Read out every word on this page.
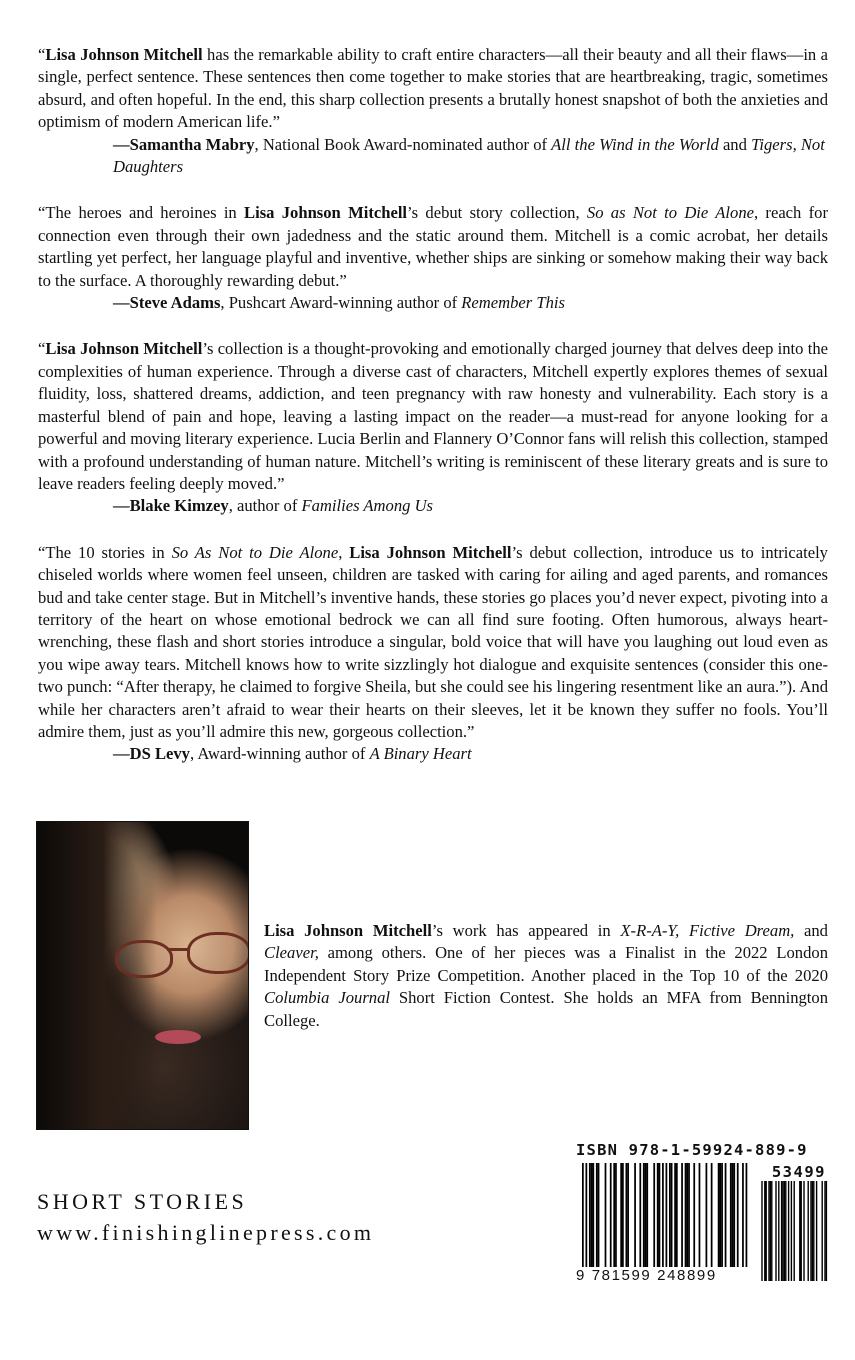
“Lisa Johnson Mitchell has the remarkable ability to craft entire characters—all their beauty and all their flaws—in a single, perfect sentence. These sentences then come together to make stories that are heartbreaking, tragic, sometimes absurd, and often hopeful. In the end, this sharp collection presents a brutally honest snapshot of both the anxieties and optimism of modern American life.”

—Samantha Mabry, National Book Award-nominated author of All the Wind in the World and Tigers, Not Daughters

“The heroes and heroines in Lisa Johnson Mitchell’s debut story collection, So as Not to Die Alone, reach for connection even through their own jadedness and the static around them. Mitchell is a comic acrobat, her details startling yet perfect, her language playful and inventive, whether ships are sinking or somehow making their way back to the surface. A thoroughly rewarding debut.”

—Steve Adams, Pushcart Award-winning author of Remember This

“Lisa Johnson Mitchell’s collection is a thought-provoking and emotionally charged journey that delves deep into the complexities of human experience. Through a diverse cast of characters, Mitchell expertly explores themes of sexual fluidity, loss, shattered dreams, addiction, and teen pregnancy with raw honesty and vulnerability. Each story is a masterful blend of pain and hope, leaving a lasting impact on the reader—a must-read for anyone looking for a powerful and moving literary experience. Lucia Berlin and Flannery O’Connor fans will relish this collection, stamped with a profound understanding of human nature. Mitchell’s writing is reminiscent of these literary greats and is sure to leave readers feeling deeply moved.”

—Blake Kimzey, author of Families Among Us

“The 10 stories in So As Not to Die Alone, Lisa Johnson Mitchell’s debut collection, introduce us to intricately chiseled worlds where women feel unseen, children are tasked with caring for ailing and aged parents, and romances bud and take center stage. But in Mitchell’s inventive hands, these stories go places you’d never expect, pivoting into a territory of the heart on whose emotional bedrock we can all find sure footing. Often humorous, always heart-wrenching, these flash and short stories introduce a singular, bold voice that will have you laughing out loud even as you wipe away tears. Mitchell knows how to write sizzlingly hot dialogue and exquisite sentences (consider this one-two punch: “After therapy, he claimed to forgive Sheila, but she could see his lingering resentment like an aura.”). And while her characters aren’t afraid to wear their hearts on their sleeves, let it be known they suffer no fools. You’ll admire them, just as you’ll admire this new, gorgeous collection.”

—DS Levy, Award-winning author of A Binary Heart

Lisa Johnson Mitchell’s work has appeared in X-R-A-Y, Fictive Dream, and Cleaver, among others. One of her pieces was a Finalist in the 2022 London Independent Story Prize Competition. Another placed in the Top 10 of the 2020 Columbia Journal Short Fiction Contest. She holds an MFA from Bennington College.

SHORT STORIES
www.finishinglinepress.com
ISBN 978-1-59924-889-9
53499
9 781599 248899
